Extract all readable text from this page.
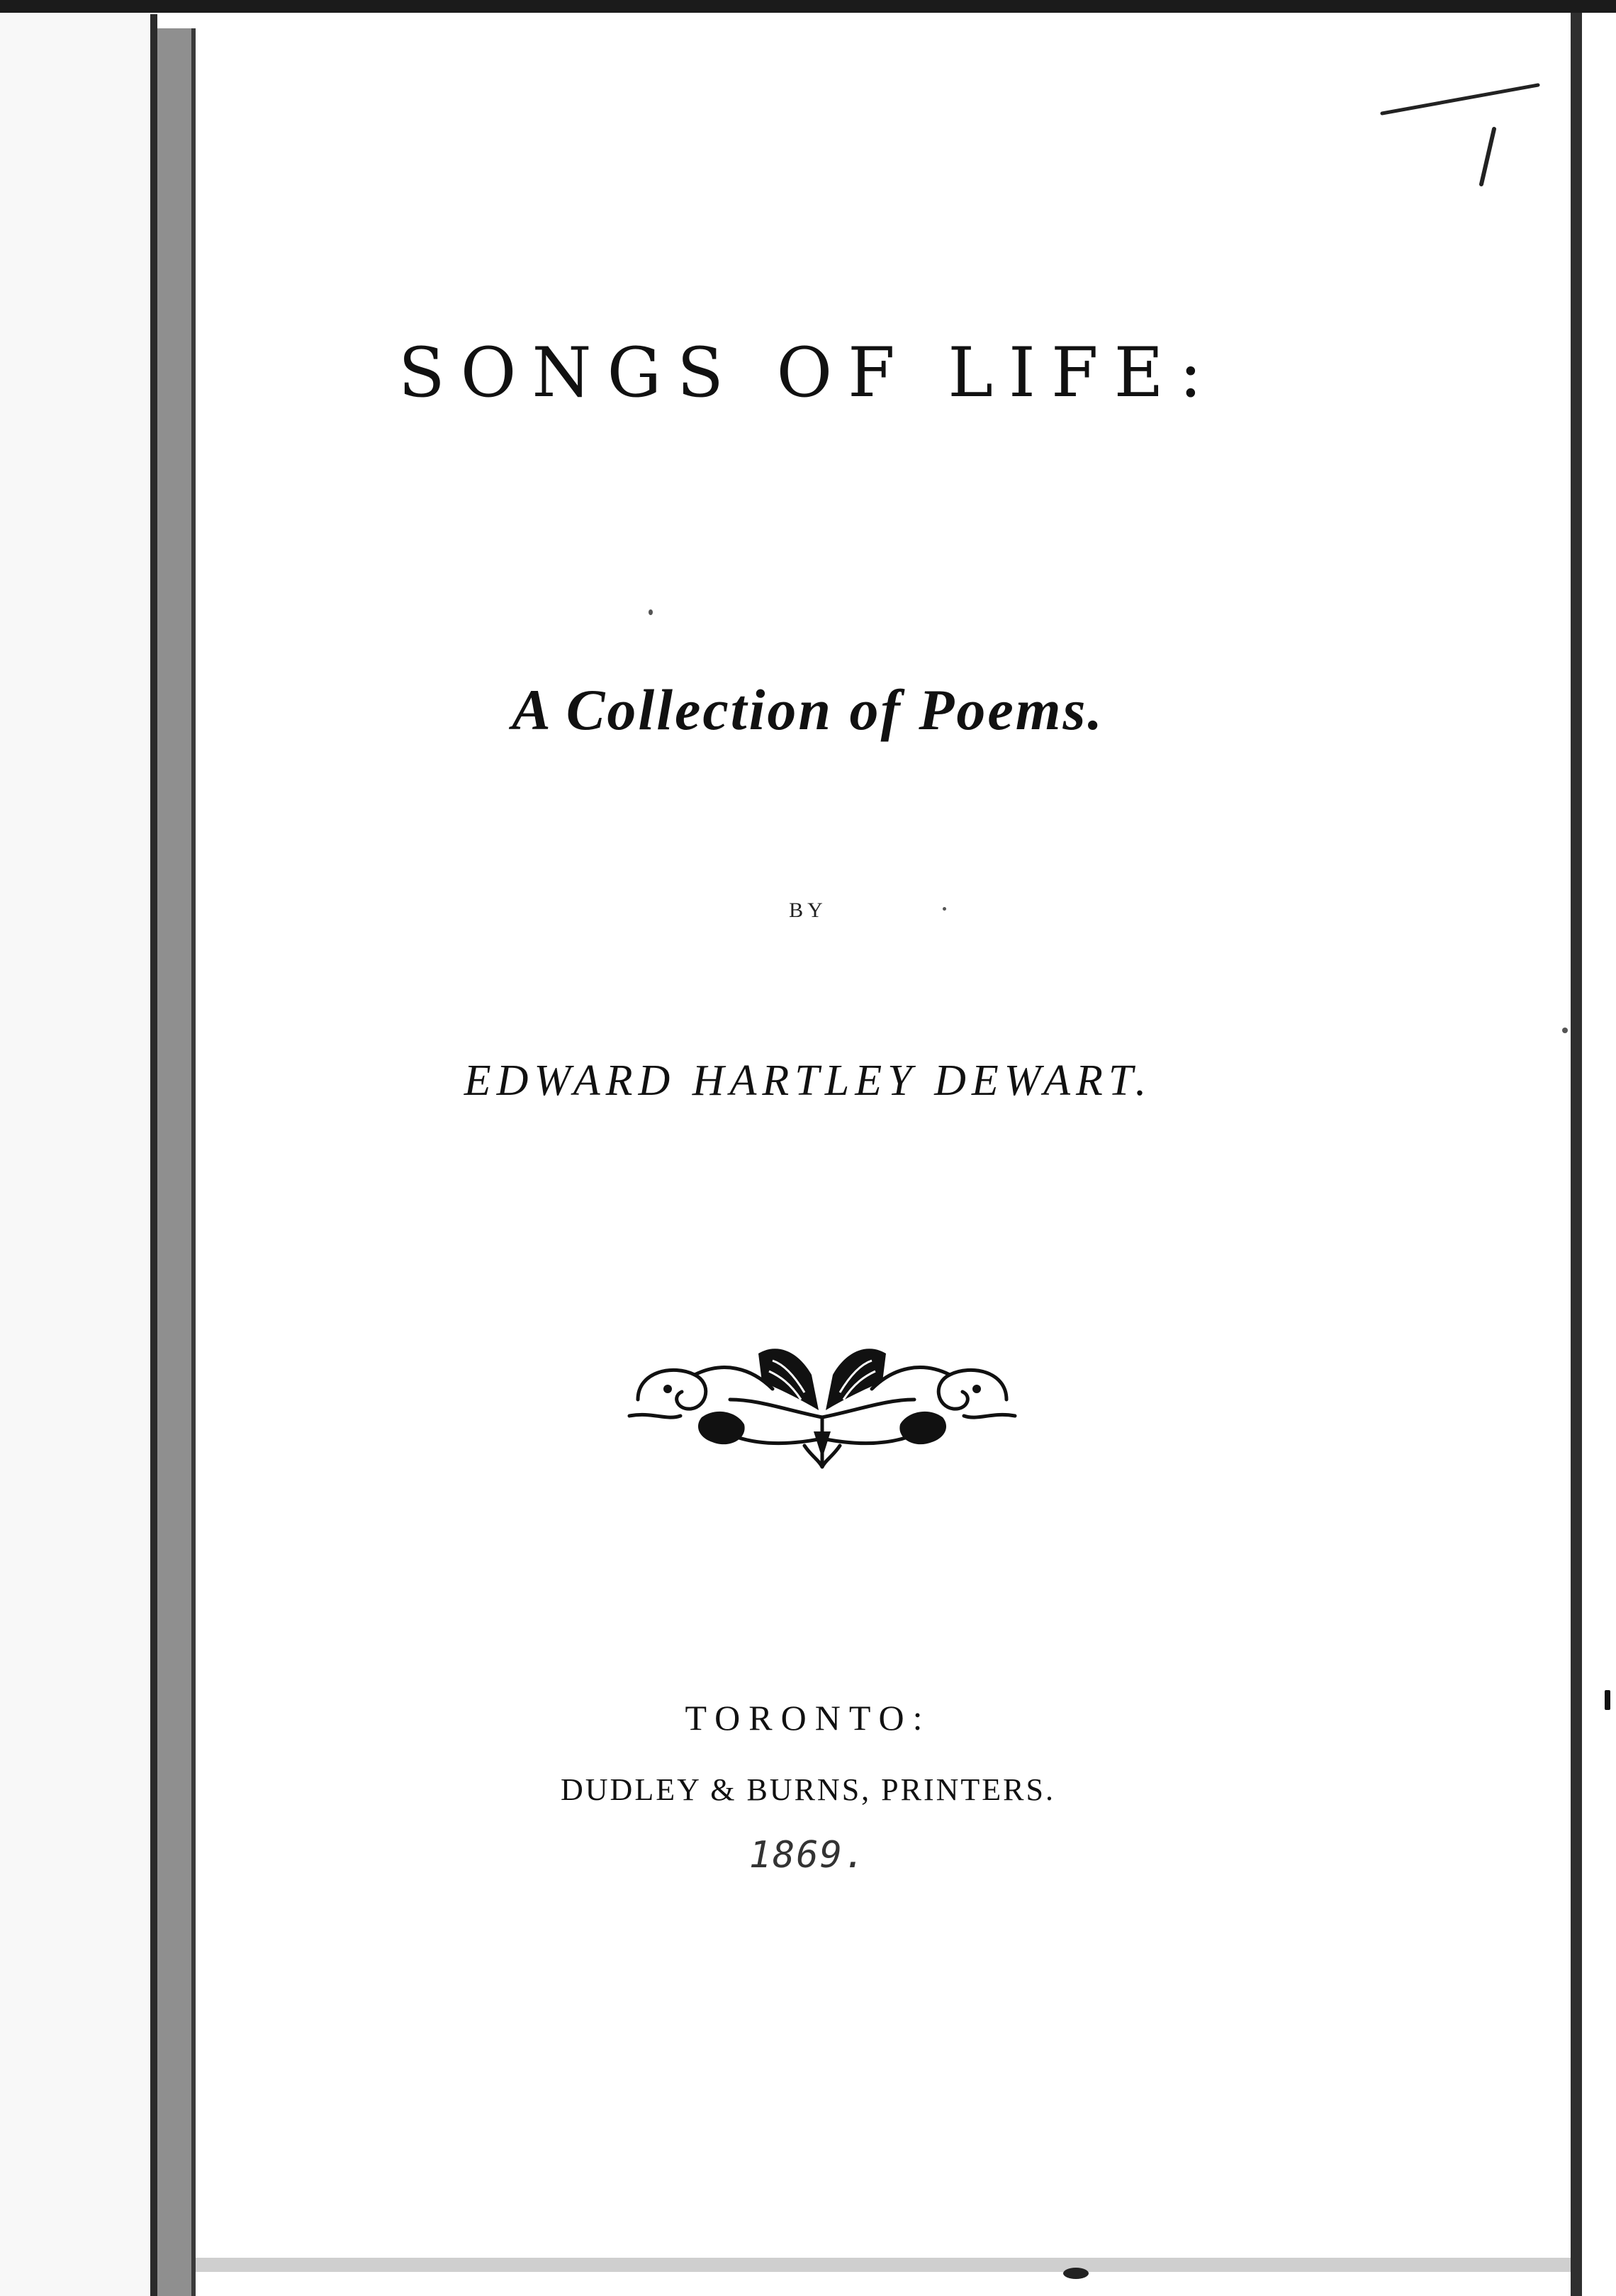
SONGS OF LIFE:
A Collection of Poems.
BY
EDWARD HARTLEY DEWART.
TORONTO:
DUDLEY & BURNS, PRINTERS.
1869.
